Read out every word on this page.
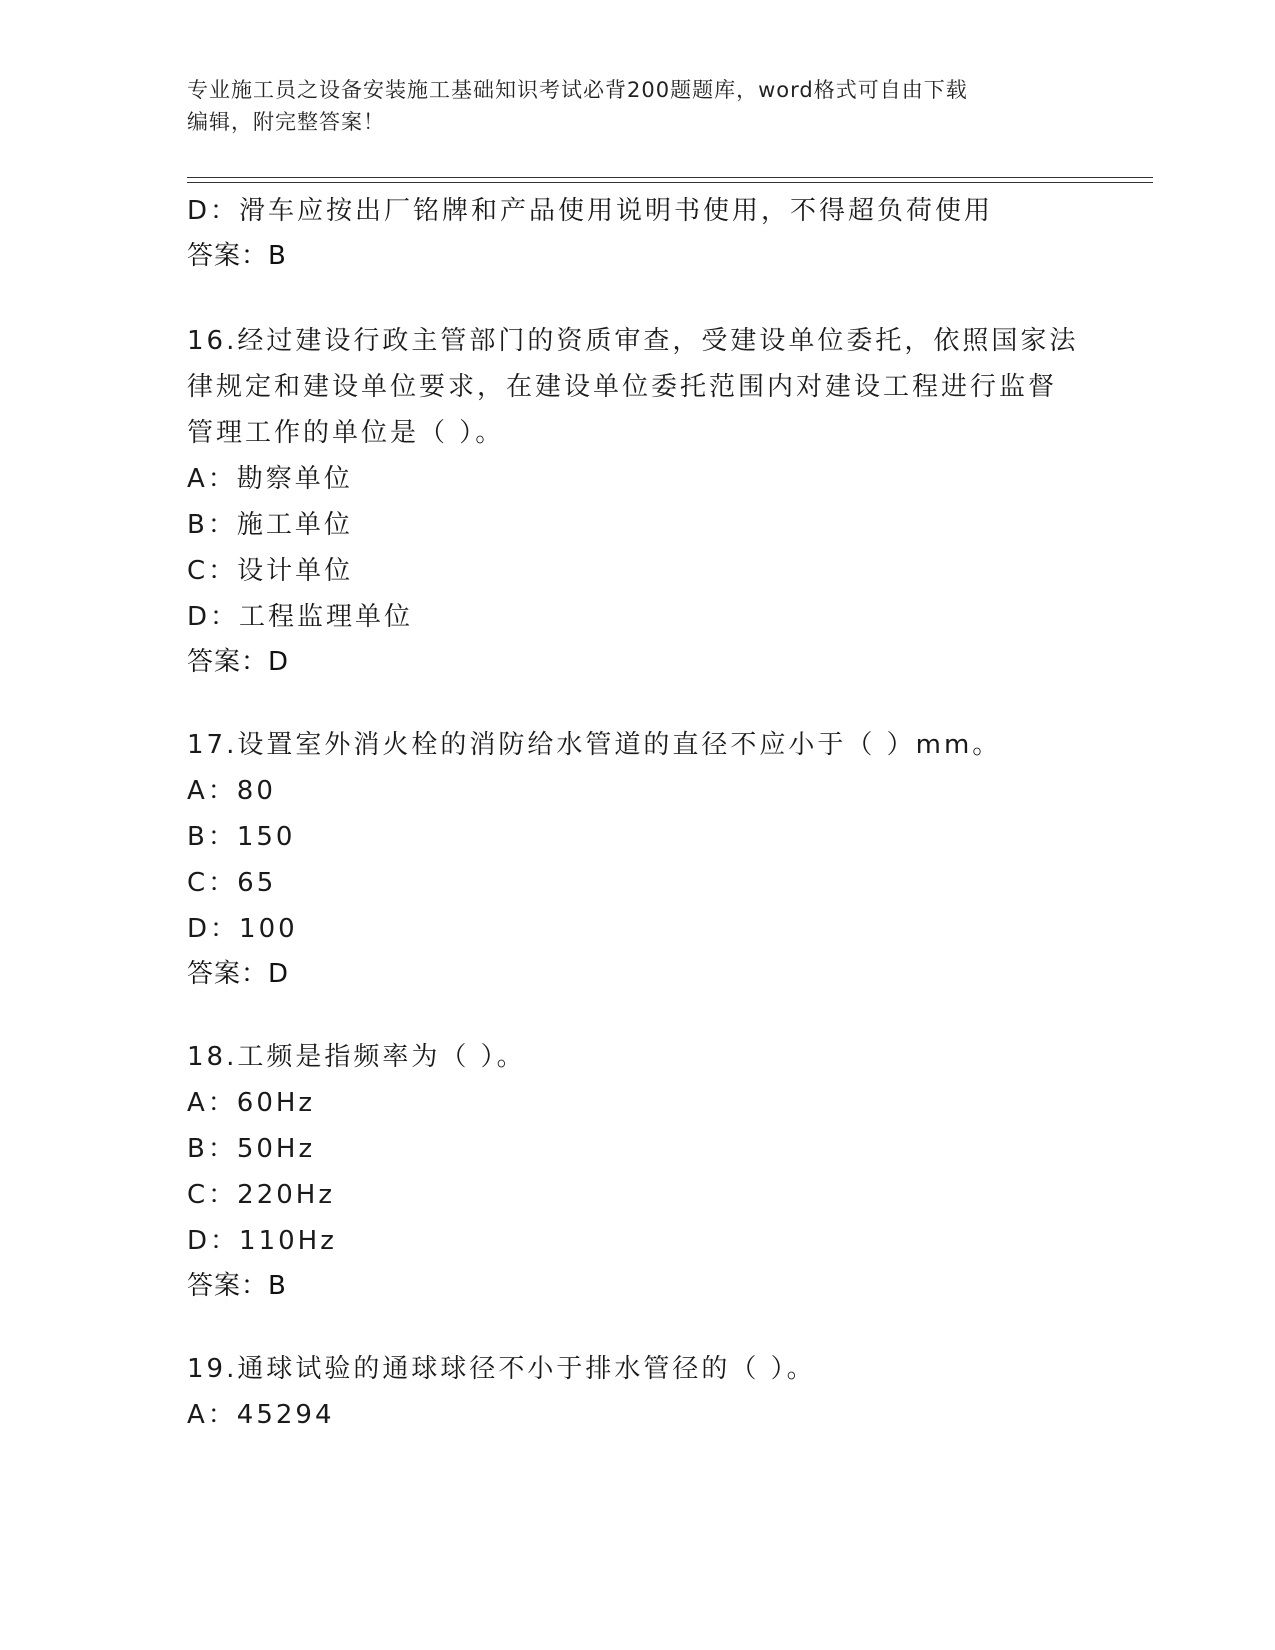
专业施工员之设备安装施工基础知识考试必背200题题库，word格式可自由下载
编辑，附完整答案！
D：滑车应按出厂铭牌和产品使用说明书使用，不得超负荷使用
答案：B
16.经过建设行政主管部门的资质审查，受建设单位委托，依照国家法
律规定和建设单位要求，在建设单位委托范围内对建设工程进行监督
管理工作的单位是（ ）。
A：勘察单位
B：施工单位
C：设计单位
D：工程监理单位
答案：D
17.设置室外消火栓的消防给水管道的直径不应小于（ ）mm。
A：80
B：150
C：65
D：100
答案：D
18.工频是指频率为（ ）。
A：60Hz
B：50Hz
C：220Hz
D：110Hz
答案：B
19.通球试验的通球球径不小于排水管径的（ ）。
A：45294
